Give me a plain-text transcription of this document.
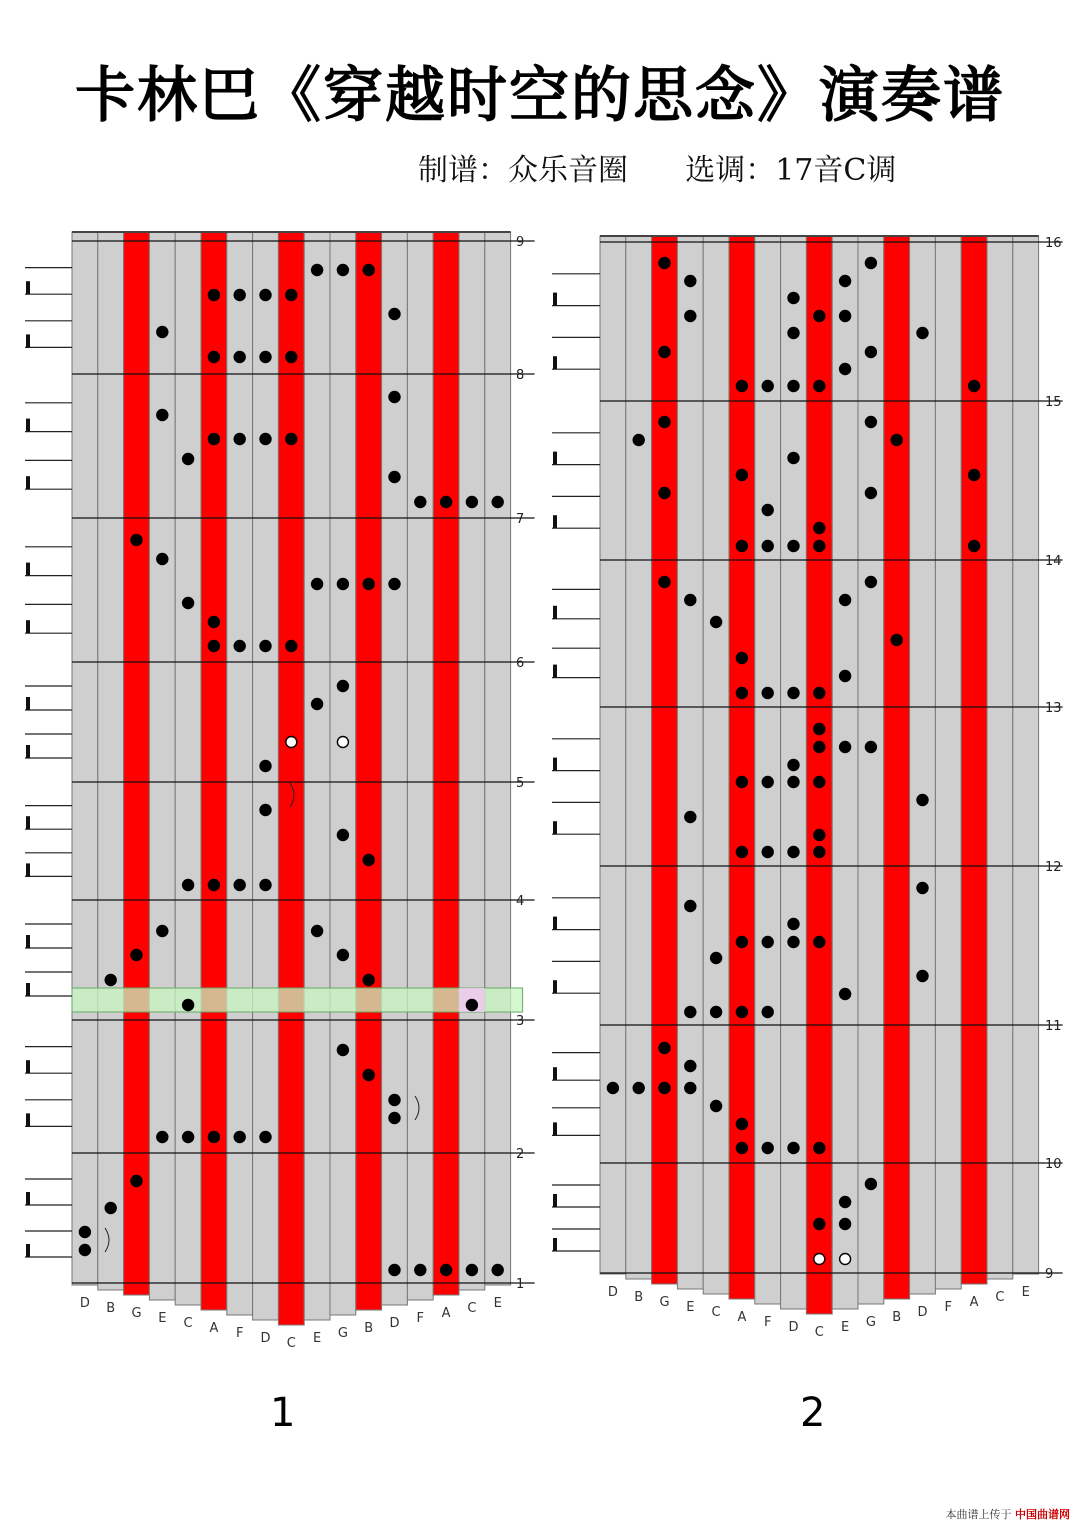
卡林巴《穿越时空的思念》演奏谱
制谱：众乐音圈 选调：17音C调
D B G E C A F D C E G B D F A C E
1
2
3
4
5
6
7
8
9
D B G E C A F D C E G B D F A C E
9
10
11
12
13
14
15
16
1	2
本曲谱上传于 中国曲谱网
